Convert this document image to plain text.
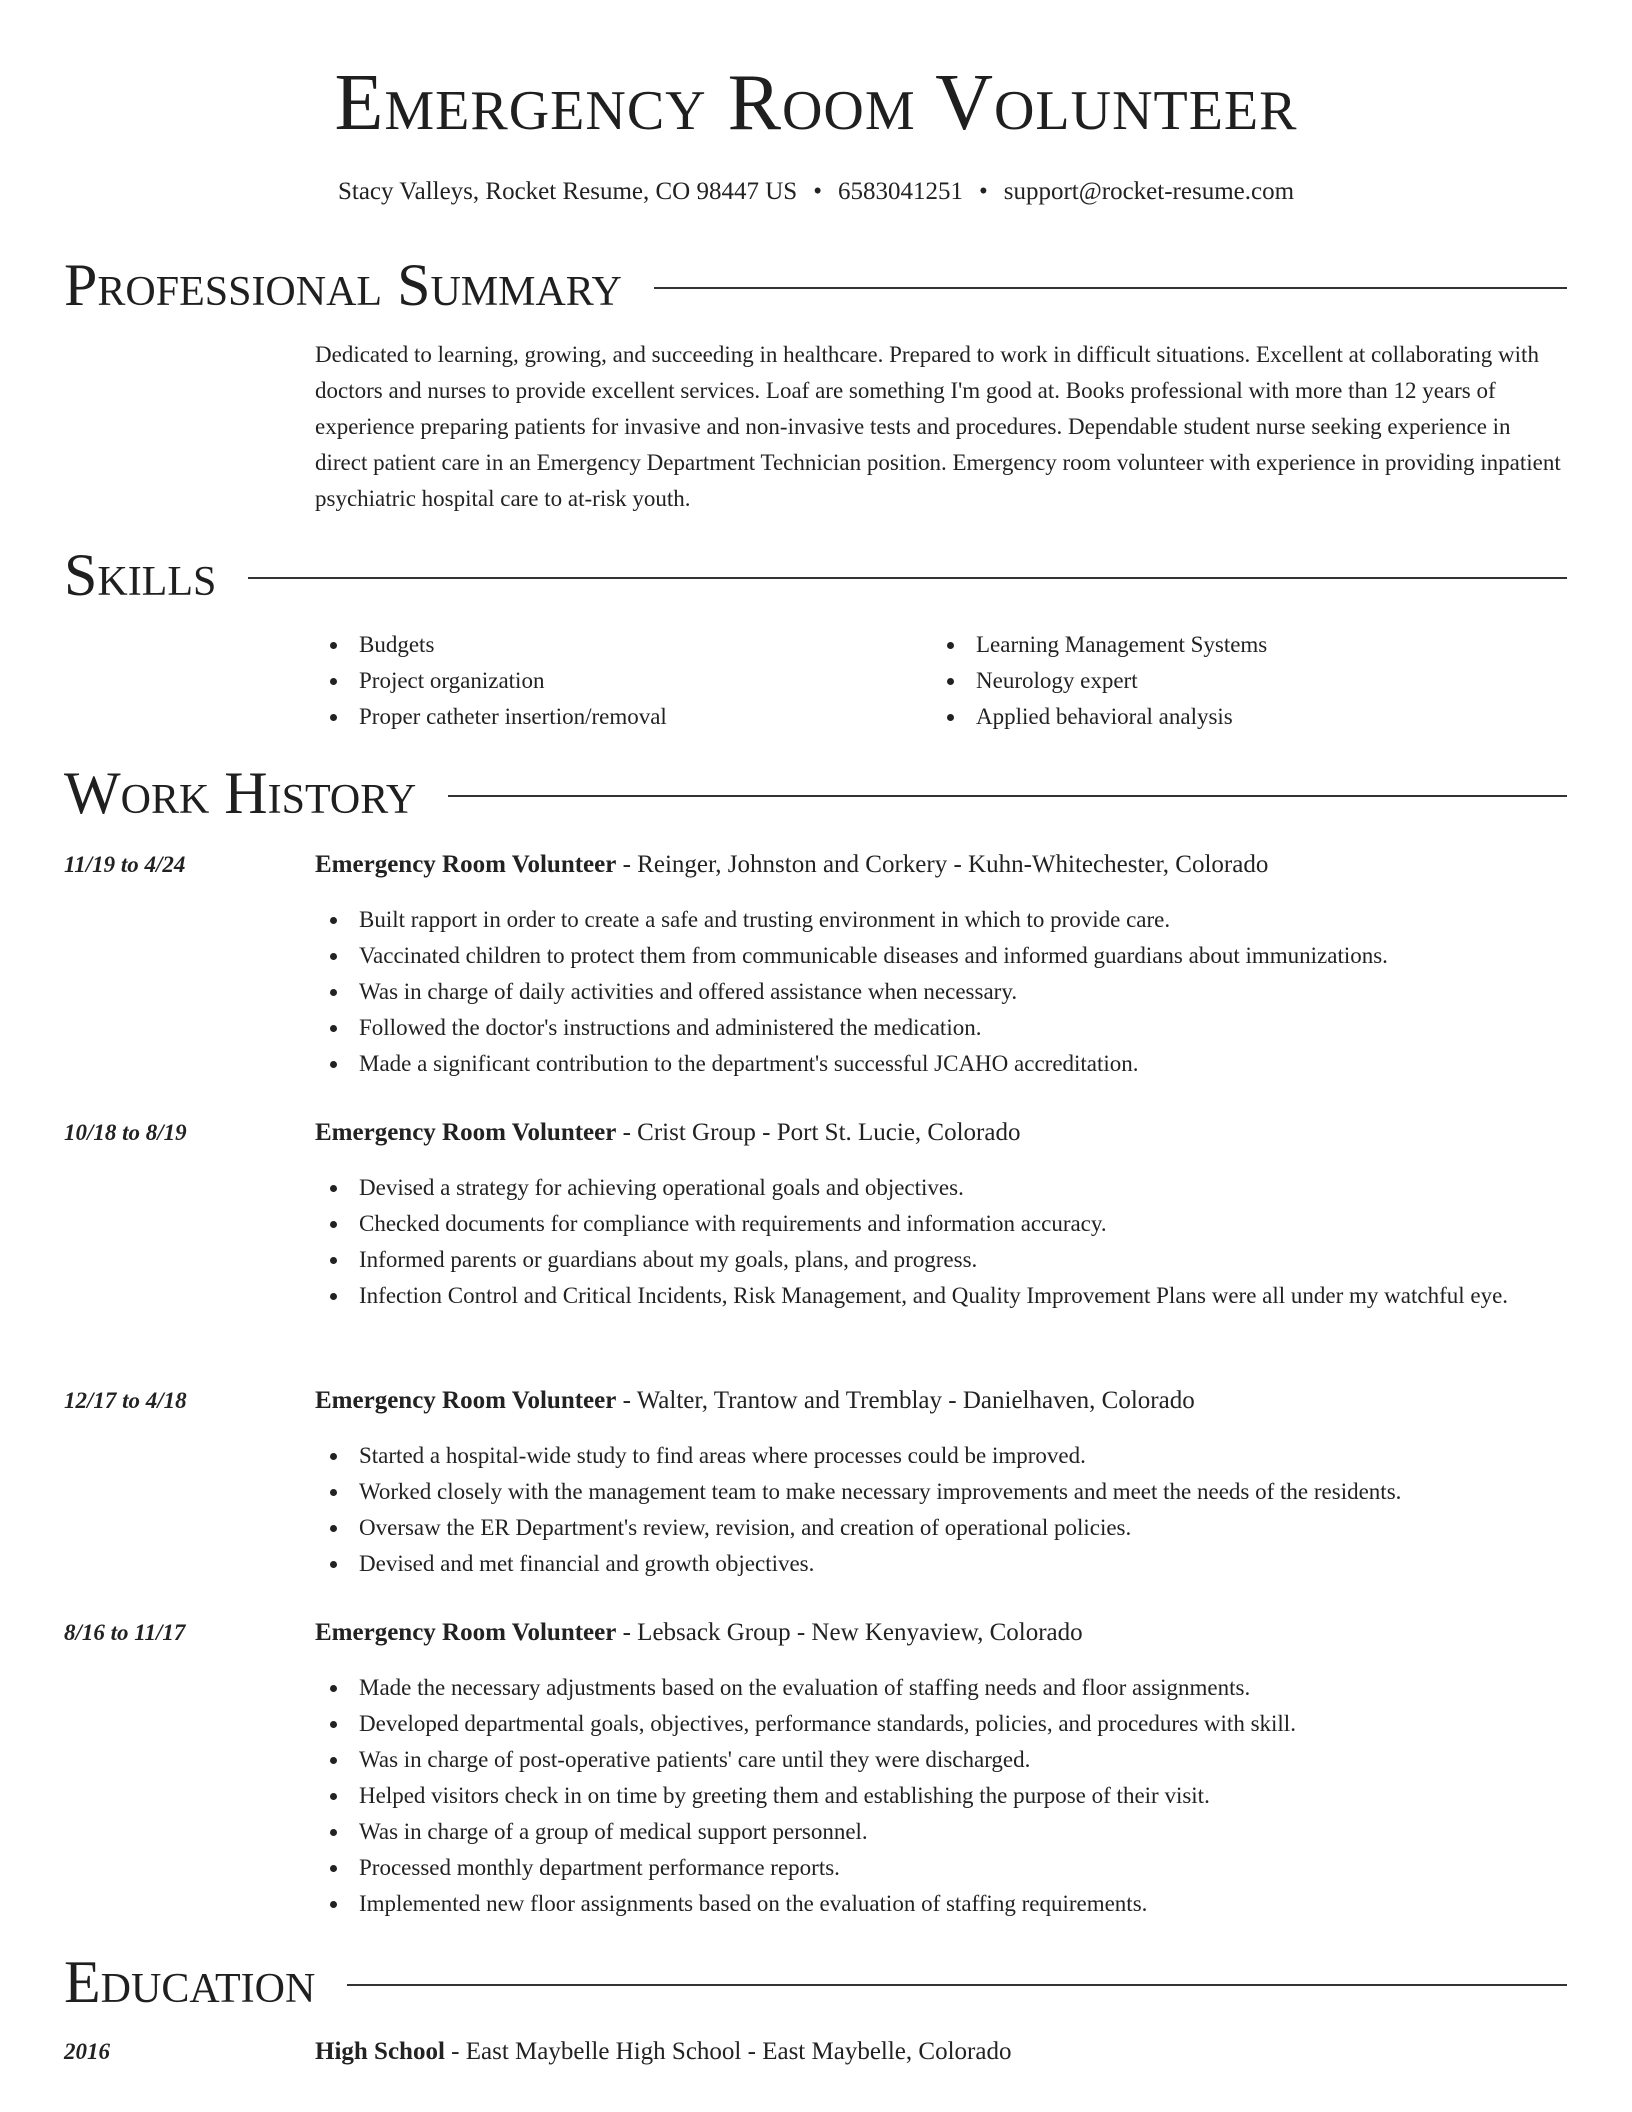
Emergency Room Volunteer
Stacy Valleys, Rocket Resume, CO 98447 US • 6583041251 • support@rocket-resume.com
Professional Summary

Dedicated to learning, growing, and succeeding in healthcare. Prepared to work in difficult situations. Excellent at collaborating with doctors and nurses to provide excellent services. Loaf are something I'm good at. Books professional with more than 12 years of experience preparing patients for invasive and non-invasive tests and procedures. Dependable student nurse seeking experience in direct patient care in an Emergency Department Technician position. Emergency room volunteer with experience in providing inpatient psychiatric hospital care to at-risk youth.

Skills
Budgets
Project organization
Proper catheter insertion/removal
Learning Management Systems
Neurology expert
Applied behavioral analysis
Work History
11/19 to 4/24	Emergency Room Volunteer - Reinger, Johnston and Corkery - Kuhn-Whitechester, Colorado
Built rapport in order to create a safe and trusting environment in which to provide care.
Vaccinated children to protect them from communicable diseases and informed guardians about immunizations.
Was in charge of daily activities and offered assistance when necessary.
Followed the doctor's instructions and administered the medication.
Made a significant contribution to the department's successful JCAHO accreditation.
10/18 to 8/19	Emergency Room Volunteer - Crist Group - Port St. Lucie, Colorado
Devised a strategy for achieving operational goals and objectives.
Checked documents for compliance with requirements and information accuracy.
Informed parents or guardians about my goals, plans, and progress.
Infection Control and Critical Incidents, Risk Management, and Quality Improvement Plans were all under my watchful eye.
12/17 to 4/18	Emergency Room Volunteer - Walter, Trantow and Tremblay - Danielhaven, Colorado
Started a hospital-wide study to find areas where processes could be improved.
Worked closely with the management team to make necessary improvements and meet the needs of the residents.
Oversaw the ER Department's review, revision, and creation of operational policies.
Devised and met financial and growth objectives.
8/16 to 11/17	Emergency Room Volunteer - Lebsack Group - New Kenyaview, Colorado
Made the necessary adjustments based on the evaluation of staffing needs and floor assignments.
Developed departmental goals, objectives, performance standards, policies, and procedures with skill.
Was in charge of post-operative patients' care until they were discharged.
Helped visitors check in on time by greeting them and establishing the purpose of their visit.
Was in charge of a group of medical support personnel.
Processed monthly department performance reports.
Implemented new floor assignments based on the evaluation of staffing requirements.
Education
2016	High School - East Maybelle High School - East Maybelle, Colorado
